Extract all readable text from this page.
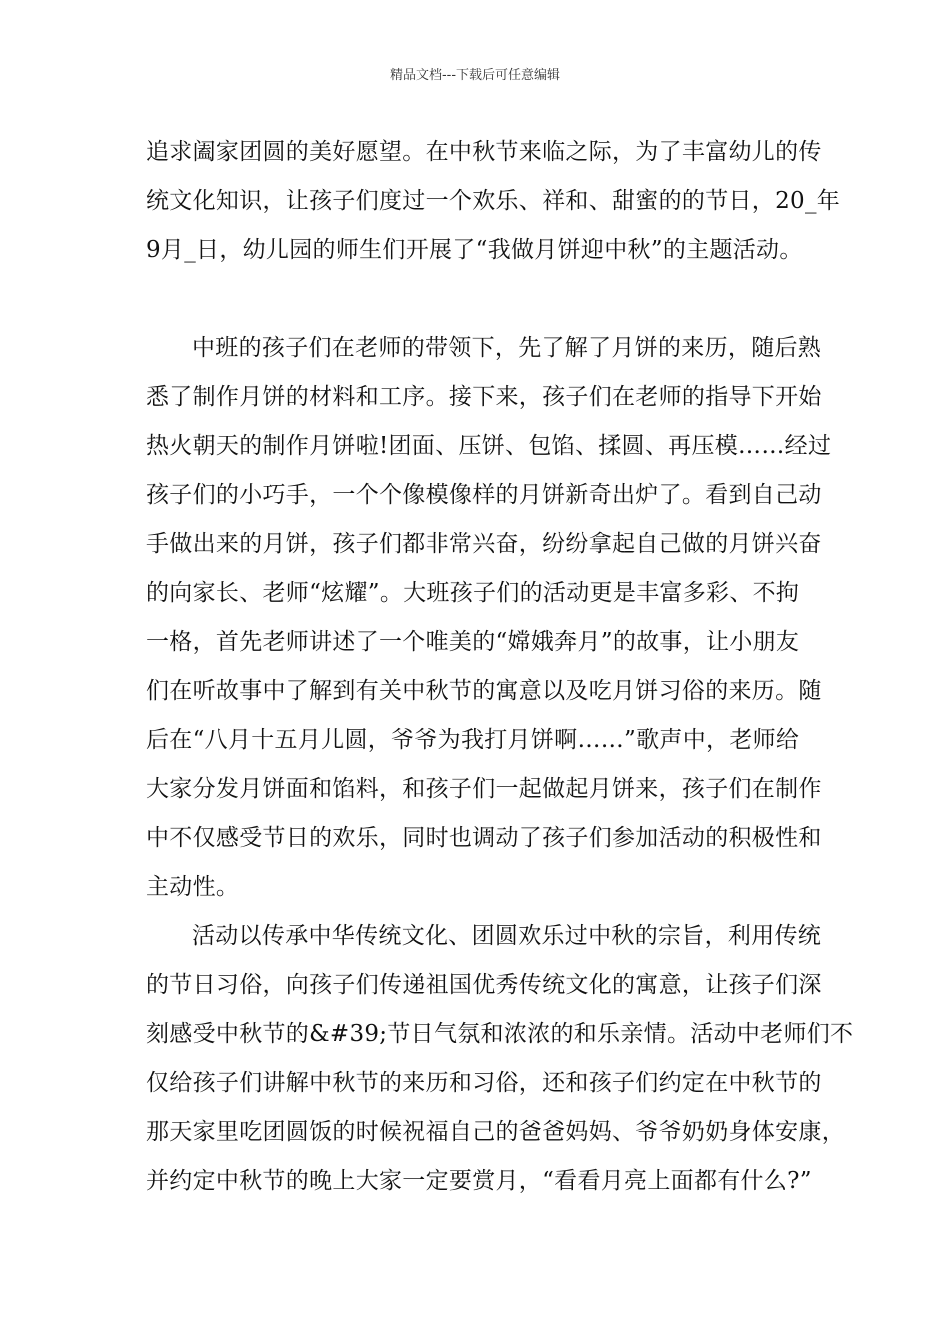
精品文档---下载后可任意编辑
追求阖家团圆的美好愿望。在中秋节来临之际，为了丰富幼儿的传
统文化知识，让孩子们度过一个欢乐、祥和、甜蜜的的节日，20_年
9月_日，幼儿园的师生们开展了“我做月饼迎中秋”的主题活动。
中班的孩子们在老师的带领下，先了解了月饼的来历，随后熟
悉了制作月饼的材料和工序。接下来，孩子们在老师的指导下开始
热火朝天的制作月饼啦!团面、压饼、包馅、揉圆、再压模……经过
孩子们的小巧手，一个个像模像样的月饼新奇出炉了。看到自己动
手做出来的月饼，孩子们都非常兴奋，纷纷拿起自己做的月饼兴奋
的向家长、老师“炫耀”。大班孩子们的活动更是丰富多彩、不拘
一格，首先老师讲述了一个唯美的“嫦娥奔月”的故事，让小朋友
们在听故事中了解到有关中秋节的寓意以及吃月饼习俗的来历。随
后在“八月十五月儿圆，爷爷为我打月饼啊……”歌声中，老师给
大家分发月饼面和馅料，和孩子们一起做起月饼来，孩子们在制作
中不仅感受节日的欢乐，同时也调动了孩子们参加活动的积极性和
主动性。
活动以传承中华传统文化、团圆欢乐过中秋的宗旨，利用传统
的节日习俗，向孩子们传递祖国优秀传统文化的寓意，让孩子们深
刻感受中秋节的&#39;节日气氛和浓浓的和乐亲情。活动中老师们不
仅给孩子们讲解中秋节的来历和习俗，还和孩子们约定在中秋节的
那天家里吃团圆饭的时候祝福自己的爸爸妈妈、爷爷奶奶身体安康，
并约定中秋节的晚上大家一定要赏月，“看看月亮上面都有什么?”
